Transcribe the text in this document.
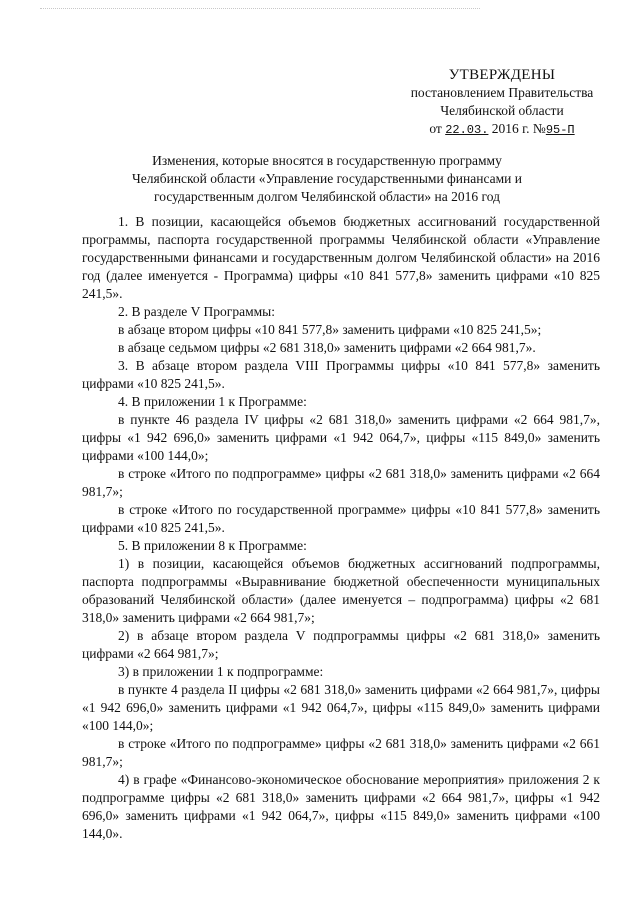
УТВЕРЖДЕНЫ
постановлением Правительства
Челябинской области
от 22.03. 2016 г. №95-П
Изменения, которые вносятся в государственную программу
Челябинской области «Управление государственными финансами и
государственным долгом Челябинской области» на 2016 год

1. В позиции, касающейся объемов бюджетных ассигнований государственной программы, паспорта государственной программы Челябинской области «Управление государственными финансами и государственным долгом Челябинской области» на 2016 год (далее именуется - Программа) цифры «10 841 577,8» заменить цифрами «10 825 241,5».

2. В разделе V Программы:

в абзаце втором цифры «10 841 577,8» заменить цифрами «10 825 241,5»;

в абзаце седьмом цифры «2 681 318,0» заменить цифрами «2 664 981,7».

3. В абзаце втором раздела VIII Программы цифры «10 841 577,8» заменить цифрами «10 825 241,5».

4. В приложении 1 к Программе:

в пункте 46 раздела IV цифры «2 681 318,0» заменить цифрами «2 664 981,7», цифры «1 942 696,0» заменить цифрами «1 942 064,7», цифры «115 849,0» заменить цифрами «100 144,0»;

в строке «Итого по подпрограмме» цифры «2 681 318,0» заменить цифрами «2 664 981,7»;

в строке «Итого по государственной программе» цифры «10 841 577,8» заменить цифрами «10 825 241,5».

5. В приложении 8 к Программе:

1) в позиции, касающейся объемов бюджетных ассигнований подпрограммы, паспорта подпрограммы «Выравнивание бюджетной обеспеченности муниципальных образований Челябинской области» (далее именуется – подпрограмма) цифры «2 681 318,0» заменить цифрами «2 664 981,7»;

2) в абзаце втором раздела V подпрограммы цифры «2 681 318,0» заменить цифрами «2 664 981,7»;

3) в приложении 1 к подпрограмме:

в пункте 4 раздела II цифры «2 681 318,0» заменить цифрами «2 664 981,7», цифры «1 942 696,0» заменить цифрами «1 942 064,7», цифры «115 849,0» заменить цифрами «100 144,0»;

в строке «Итого по подпрограмме» цифры «2 681 318,0» заменить цифрами «2 661 981,7»;

4) в графе «Финансово-экономическое обоснование мероприятия» приложения 2 к подпрограмме цифры «2 681 318,0» заменить цифрами «2 664 981,7», цифры «1 942 696,0» заменить цифрами «1 942 064,7», цифры «115 849,0» заменить цифрами «100 144,0».
